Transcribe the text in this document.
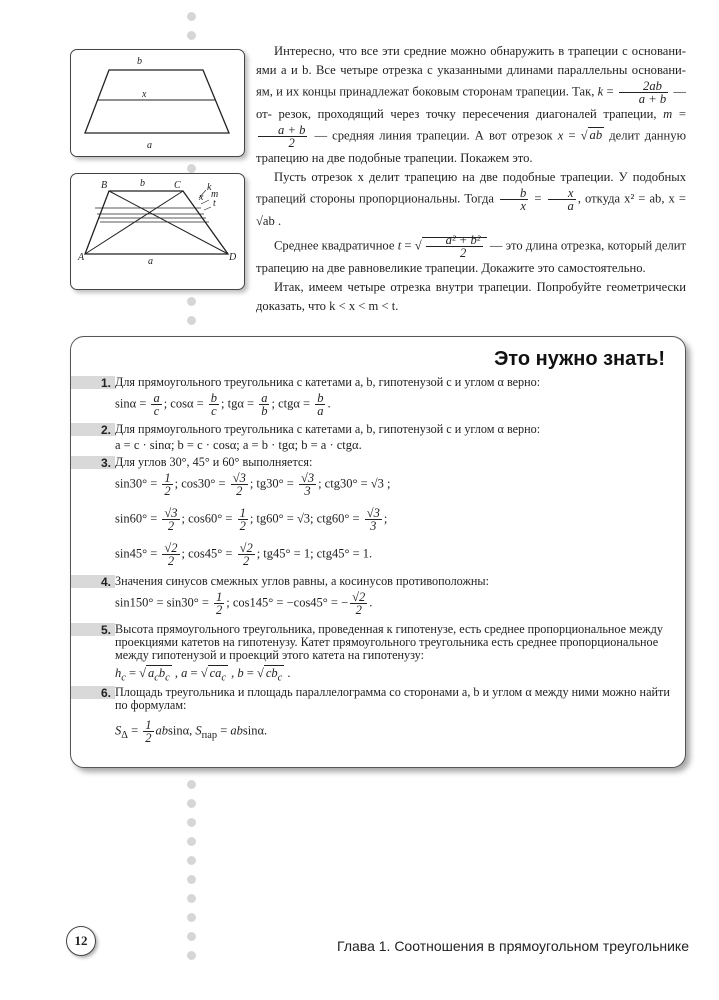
b
x
a
B	b	C	k
x m
t
A	a	D

Интересно, что все эти средние можно обнаружить в трапеции с основани- ями a и b. Все четыре отрезка с указанными длинами параллельны основани- ям, и их концы принадлежат боковым сторонам трапеции. Так, $k = \frac{2ab}{a + b}$ — от- резок, проходящий через точку пересечения диагоналей трапеции, m =
$\frac{a + b}{2}$ — средняя линия трапеции. А вот отрезок x = √ ab делит данную трапецию на две подобные трапеции. Покажем это.

Пусть отрезок x делит трапецию на две подобные трапеции. У подобных трапеций стороны пропорциональны. Тогда $\frac{b}{x} = \frac{x}{a}$ , откуда x² = ab, x = √ab .

Среднее квадратичное t = √ $\frac{\text{a² + b²}}{2}$ — это длина отрезка, который делит трапецию на две равновеликие трапеции. Докажите это самостоятельно.

Итак, имеем четыре отрезка внутри трапеции. Попробуйте геометрически доказать, что k < x < m < t.

Это нужно знать!
1. Для прямоугольного треугольника с катетами a, b, гипотенузой c и углом α верно:
$\sin\alpha = \frac{a}{c}$ ; $\cos\alpha = \frac{b}{c}$ ; $tg\alpha = \frac{a}{b}$ ; $ctg\alpha = \frac{b}{a}$ .
2. Для прямоугольного треугольника с катетами a, b, гипотенузой c и углом α верно:
a = c · sinα; b = c · cosα; a = b · tgα; b = a · ctgα.
3. Для углов 30°, 45° и 60° выполняется:
$\sin 30^\circ = \frac{1}{2}$ ; $\cos 30^\circ = \frac{√3}{2}$ ; $tg30^\circ = \frac{√3}{3}$ ; ctg30° = √3 ;
$\sin 60^\circ = \frac{√3}{2}$ ; $\cos 60^\circ = \frac{1}{2}$ ; tg60° = √3; $ctg60^\circ = \frac{√3}{3}$ ;
$\sin 45^\circ = \frac{√2}{2}$ ; $\cos 45^\circ = \frac{√2}{2}$ ; tg45° = 1; ctg45° = 1.
4. Значения синусов смежных углов равны, а косинусов противоположны:
$\sin 150^\circ = \sin 30^\circ = \frac{1}{2}$ ; cos145° = −cos45° = − $\frac{√2}{2}$ .
5. Высота прямоугольного треугольника, проведенная к гипотенузе, есть среднее пропорциональное между проекциями катетов на гипотенузу. Катет прямоугольного треугольника есть среднее пропорциональное между гипотенузой и проекций этого катета на гипотенузу:
$h_c$ = √ $a_cb_c$ , a = √ $ca_c$ , b = √ $cb_c$ .
6. Площадь треугольника и площадь параллелограмма со сторонами a, b и углом α между ними можно найти по формулам:
$S_\Delta = \frac{1}{2} absin\alpha$, $S_{пар} = absin\alpha$.
12	Глава 1. Соотношения в прямоугольном треугольнике
